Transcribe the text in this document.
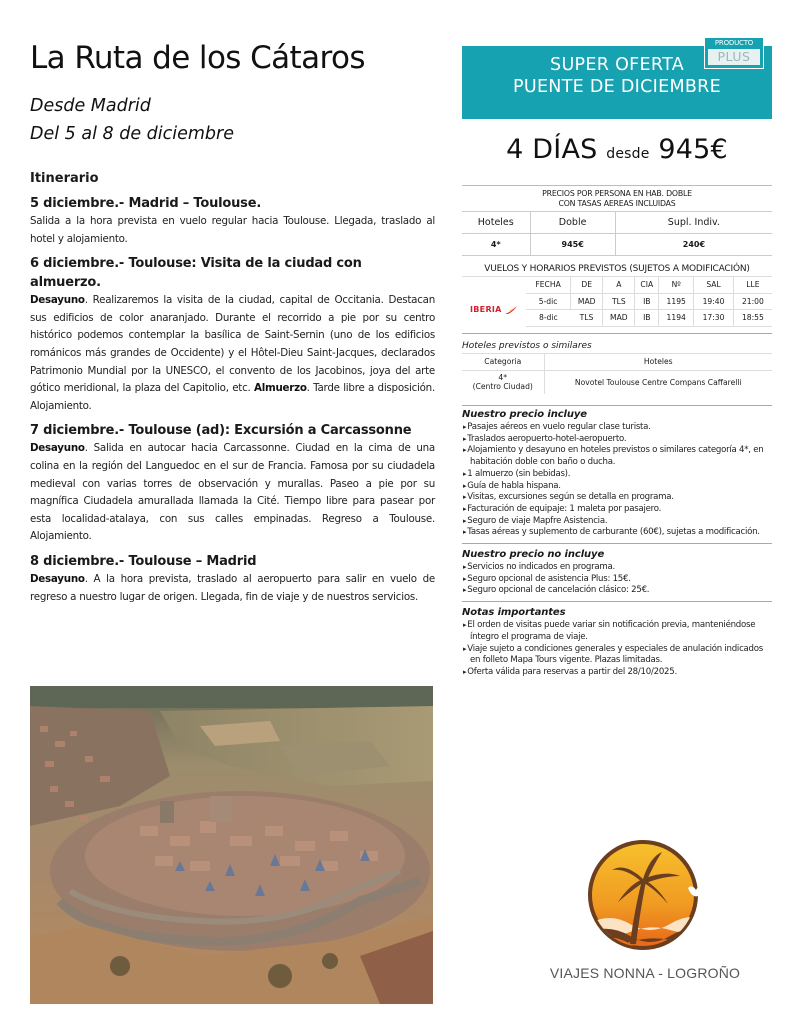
La Ruta de los Cátaros
Desde Madrid
Del 5 al 8 de diciembre
Itinerario
5 diciembre.- Madrid – Toulouse.

Salida a la hora prevista en vuelo regular hacia Toulouse. Llegada, traslado al hotel y alojamiento.

6 diciembre.- Toulouse: Visita de la ciudad con almuerzo.

Desayuno. Realizaremos la visita de la ciudad, capital de Occitania. Destacan sus edificios de color anaranjado. Durante el recorrido a pie por su centro histórico podemos contemplar la basílica de Saint-Sernin (uno de los edificios románicos más grandes de Occidente) y el Hôtel-Dieu Saint-Jacques, declarados Patrimonio Mundial por la UNESCO, el convento de los Jacobinos, joya del arte gótico meridional, la plaza del Capitolio, etc. Almuerzo. Tarde libre a disposición. Alojamiento.

7 diciembre.- Toulouse (ad): Excursión a Carcassonne

Desayuno. Salida en autocar hacia Carcassonne. Ciudad en la cima de una colina en la región del Languedoc en el sur de Francia. Famosa por su ciudadela medieval con varias torres de observación y murallas. Paseo a pie por su magnífica Ciudadela amurallada llamada la Cité. Tiempo libre para pasear por esta localidad-atalaya, con sus calles empinadas. Regreso a Toulouse. Alojamiento.

8 diciembre.- Toulouse – Madrid

Desayuno. A la hora prevista, traslado al aeropuerto para salir en vuelo de regreso a nuestro lugar de origen. Llegada, fin de viaje y de nuestros servicios.

SUPER OFERTA
PUENTE DE DICIEMBRE
PRODUCTO
PLUS
4 DÍAS desde 945€
PRECIOS POR PERSONA EN HAB. DOBLE
CON TASAS AEREAS INCLUIDAS
Hoteles	Doble	Supl. Indiv.
4*	945€	240€
VUELOS Y HORARIOS PREVISTOS (SUJETOS A MODIFICACIÓN)
	FECHA	DE	A	CIA	Nº	SAL	LLE

IBERIA	5-dic	MAD	TLS	IB	1195	19:40	21:00
	8-dic	TLS	MAD	IB	1194	17:30	18:55
Hoteles previstos o similares
Categoria	Hoteles

4*
(Centro Ciudad)	Novotel Toulouse Centre Compans Caffarelli
Nuestro precio incluye
▸ Pasajes aéreos en vuelo regular clase turista.
▸ Traslados aeropuerto-hotel-aeropuerto.
▸ Alojamiento y desayuno en hoteles previstos o similares categoría 4*, en habitación doble con baño o ducha.
▸ 1 almuerzo (sin bebidas).
▸ Guía de habla hispana.
▸ Visitas, excursiones según se detalla en programa.
▸ Facturación de equipaje: 1 maleta por pasajero.
▸ Seguro de viaje Mapfre Asistencia.
▸ Tasas aéreas y suplemento de carburante (60€), sujetas a modificación.
Nuestro precio no incluye
▸ Servicios no indicados en programa.
▸ Seguro opcional de asistencia Plus: 15€.
▸ Seguro opcional de cancelación clásico: 25€.
Notas importantes
▸ El orden de visitas puede variar sin notificación previa, manteniéndose íntegro el programa de viaje.
▸ Viaje sujeto a condiciones generales y especiales de anulación indicados en folleto Mapa Tours vigente. Plazas limitadas.
▸ Oferta válida para reservas a partir del 28/10/2025.
VIAJES NONNA - LOGROÑO
